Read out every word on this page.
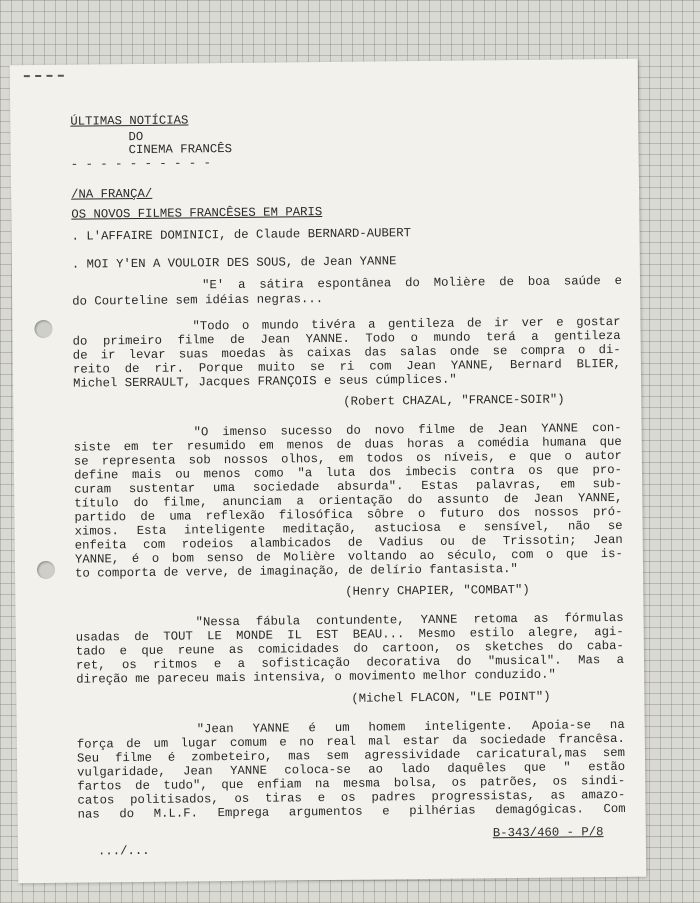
ÚLTIMAS NOTÍCIAS
DO
CINEMA FRANCÊS
- - - - - - - - - -
/NA FRANÇA/
OS NOVOS FILMES FRANCÊSES EM PARIS
. L'AFFAIRE DOMINICI, de Claude BERNARD-AUBERT
. MOI Y'EN A VOULOIR DES SOUS, de Jean YANNE
"E' a sátira espontânea do Molière de boa saúde e
do Courteline sem idéias negras...
"Todo o mundo tivéra a gentileza de ir ver e gostar
do primeiro filme de Jean YANNE. Todo o mundo terá a gentileza
de ir levar suas moedas às caixas das salas onde se compra o di-
reito de rir. Porque muito se ri com Jean YANNE, Bernard BLIER,
Michel SERRAULT, Jacques FRANÇOIS e seus cúmplices."
(Robert CHAZAL, "FRANCE-SOIR")
"O imenso sucesso do novo filme de Jean YANNE con-
siste em ter resumido em menos de duas horas a comédia humana que
se representa sob nossos olhos, em todos os níveis, e que o autor
define mais ou menos como "a luta dos imbecis contra os que pro-
curam sustentar uma sociedade absurda". Estas palavras, em sub-
título do filme, anunciam a orientação do assunto de Jean YANNE,
partido de uma reflexão filosófica sôbre o futuro dos nossos pró-
ximos. Esta inteligente meditação, astuciosa e sensível, não se
enfeita com rodeios alambicados de Vadius ou de Trissotin; Jean
YANNE, é o bom senso de Molière voltando ao século, com o que is-
to comporta de verve, de imaginação, de delírio fantasista."
(Henry CHAPIER, "COMBAT")
"Nessa fábula contundente, YANNE retoma as fórmulas
usadas de TOUT LE MONDE IL EST BEAU... Mesmo estilo alegre, agi-
tado e que reune as comicidades do cartoon, os sketches do caba-
ret, os ritmos e a sofisticação decorativa do "musical". Mas a
direção me pareceu mais intensiva, o movimento melhor conduzido."
(Michel FLACON, "LE POINT")
"Jean YANNE é um homem inteligente. Apoia-se na
força de um lugar comum e no real mal estar da sociedade francêsa.
Seu filme é zombeteiro, mas sem agressividade caricatural,mas sem
vulgaridade, Jean YANNE coloca-se ao lado daquêles que " estão
fartos de tudo", que enfiam na mesma bolsa, os patrões, os sindi-
catos politisados, os tiras e os padres progressistas, as amazo-
nas do M.L.F. Emprega argumentos e pilhérias demagógicas. Com
.../...
B-343/460 - P/8
